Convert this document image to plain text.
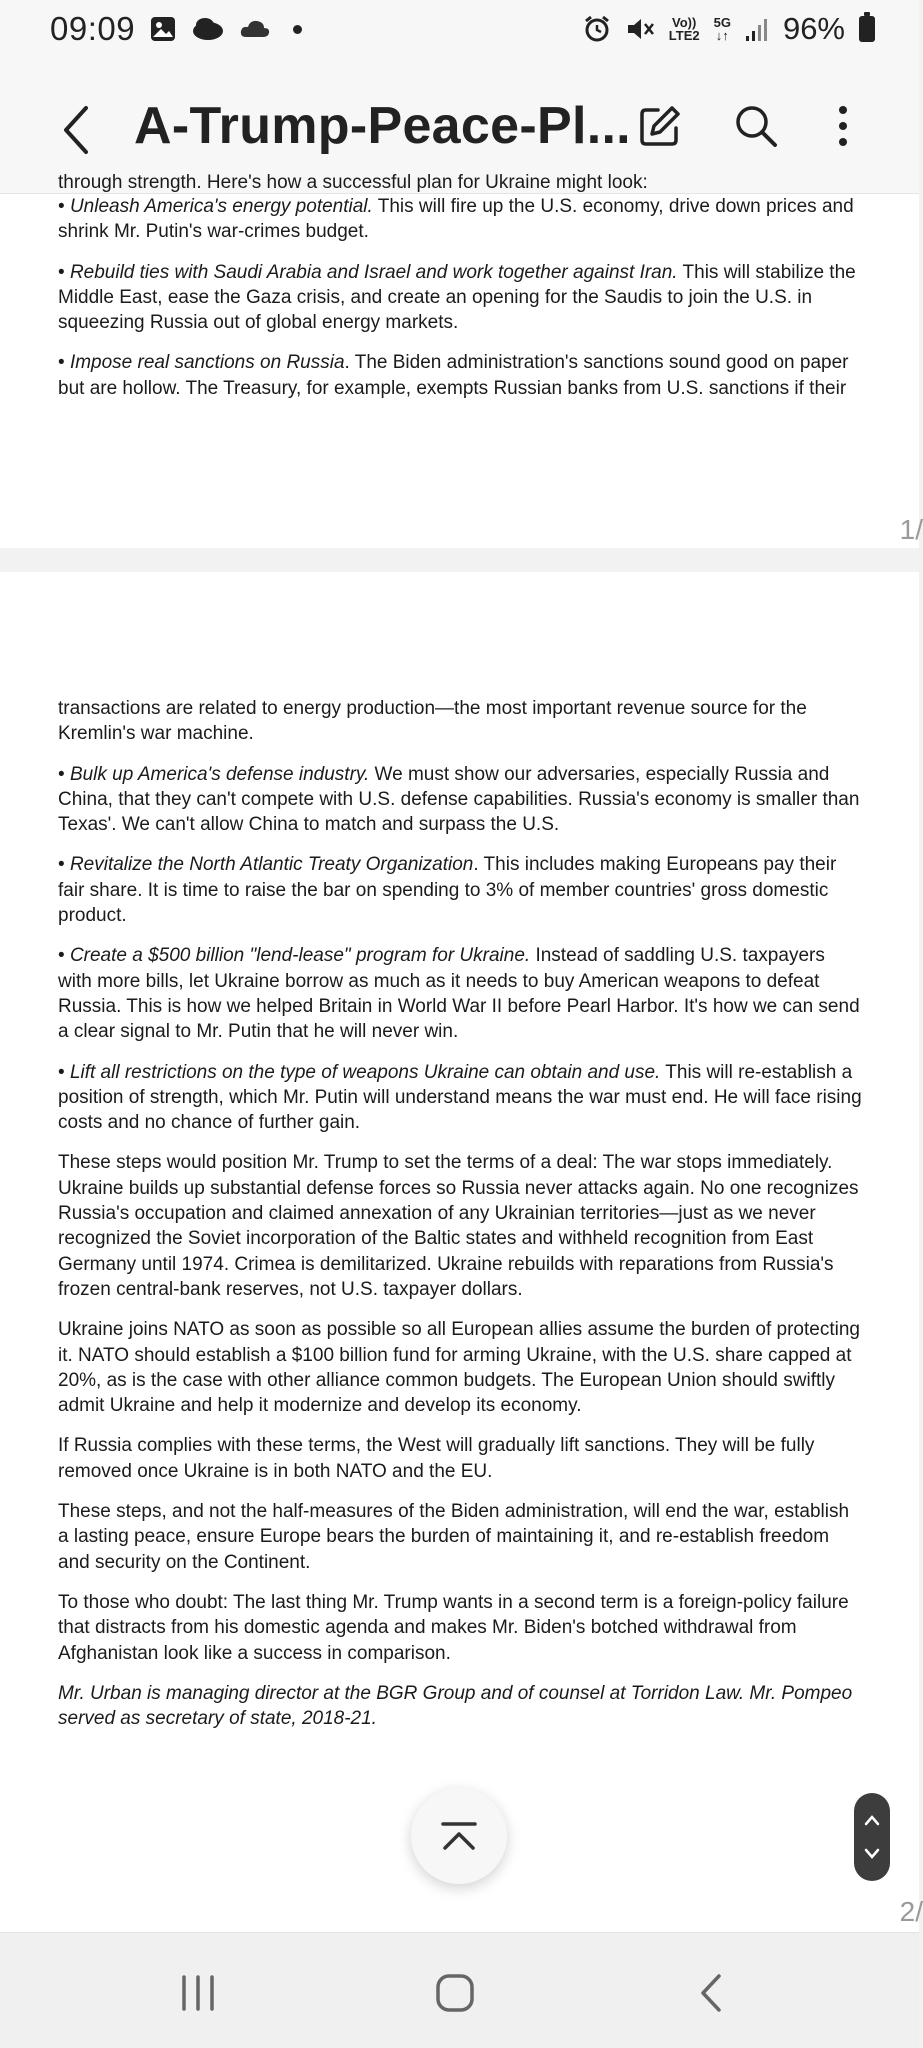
09:09	Vo))
LTE2
5G
↓↑ 96%
A-Trump-Peace-Pl...
through strength. Here's how a successful plan for Ukraine might look:

• Unleash America's energy potential. This will fire up the U.S. economy, drive down prices and shrink Mr. Putin's war-crimes budget.

• Rebuild ties with Saudi Arabia and Israel and work together against Iran. This will stabilize the Middle East, ease the Gaza crisis, and create an opening for the Saudis to join the U.S. in squeezing Russia out of global energy markets.

• Impose real sanctions on Russia. The Biden administration's sanctions sound good on paper but are hollow. The Treasury, for example, exempts Russian banks from U.S. sanctions if their

1/

transactions are related to energy production—the most important revenue source for the Kremlin's war machine.

• Bulk up America's defense industry. We must show our adversaries, especially Russia and China, that they can't compete with U.S. defense capabilities. Russia's economy is smaller than Texas'. We can't allow China to match and surpass the U.S.

• Revitalize the North Atlantic Treaty Organization. This includes making Europeans pay their fair share. It is time to raise the bar on spending to 3% of member countries' gross domestic product.

• Create a $500 billion "lend-lease" program for Ukraine. Instead of saddling U.S. taxpayers with more bills, let Ukraine borrow as much as it needs to buy American weapons to defeat Russia. This is how we helped Britain in World War II before Pearl Harbor. It's how we can send a clear signal to Mr. Putin that he will never win.

• Lift all restrictions on the type of weapons Ukraine can obtain and use. This will re-establish a position of strength, which Mr. Putin will understand means the war must end. He will face rising costs and no chance of further gain.

These steps would position Mr. Trump to set the terms of a deal: The war stops immediately. Ukraine builds up substantial defense forces so Russia never attacks again. No one recognizes Russia's occupation and claimed annexation of any Ukrainian territories—just as we never recognized the Soviet incorporation of the Baltic states and withheld recognition from East Germany until 1974. Crimea is demilitarized. Ukraine rebuilds with reparations from Russia's frozen central-bank reserves, not U.S. taxpayer dollars.

Ukraine joins NATO as soon as possible so all European allies assume the burden of protecting it. NATO should establish a $100 billion fund for arming Ukraine, with the U.S. share capped at 20%, as is the case with other alliance common budgets. The European Union should swiftly admit Ukraine and help it modernize and develop its economy.

If Russia complies with these terms, the West will gradually lift sanctions. They will be fully removed once Ukraine is in both NATO and the EU.

These steps, and not the half-measures of the Biden administration, will end the war, establish a lasting peace, ensure Europe bears the burden of maintaining it, and re-establish freedom and security on the Continent.

To those who doubt: The last thing Mr. Trump wants in a second term is a foreign-policy failure that distracts from his domestic agenda and makes Mr. Biden's botched withdrawal from Afghanistan look like a success in comparison.

Mr. Urban is managing director at the BGR Group and of counsel at Torridon Law. Mr. Pompeo served as secretary of state, 2018-21.

2/
